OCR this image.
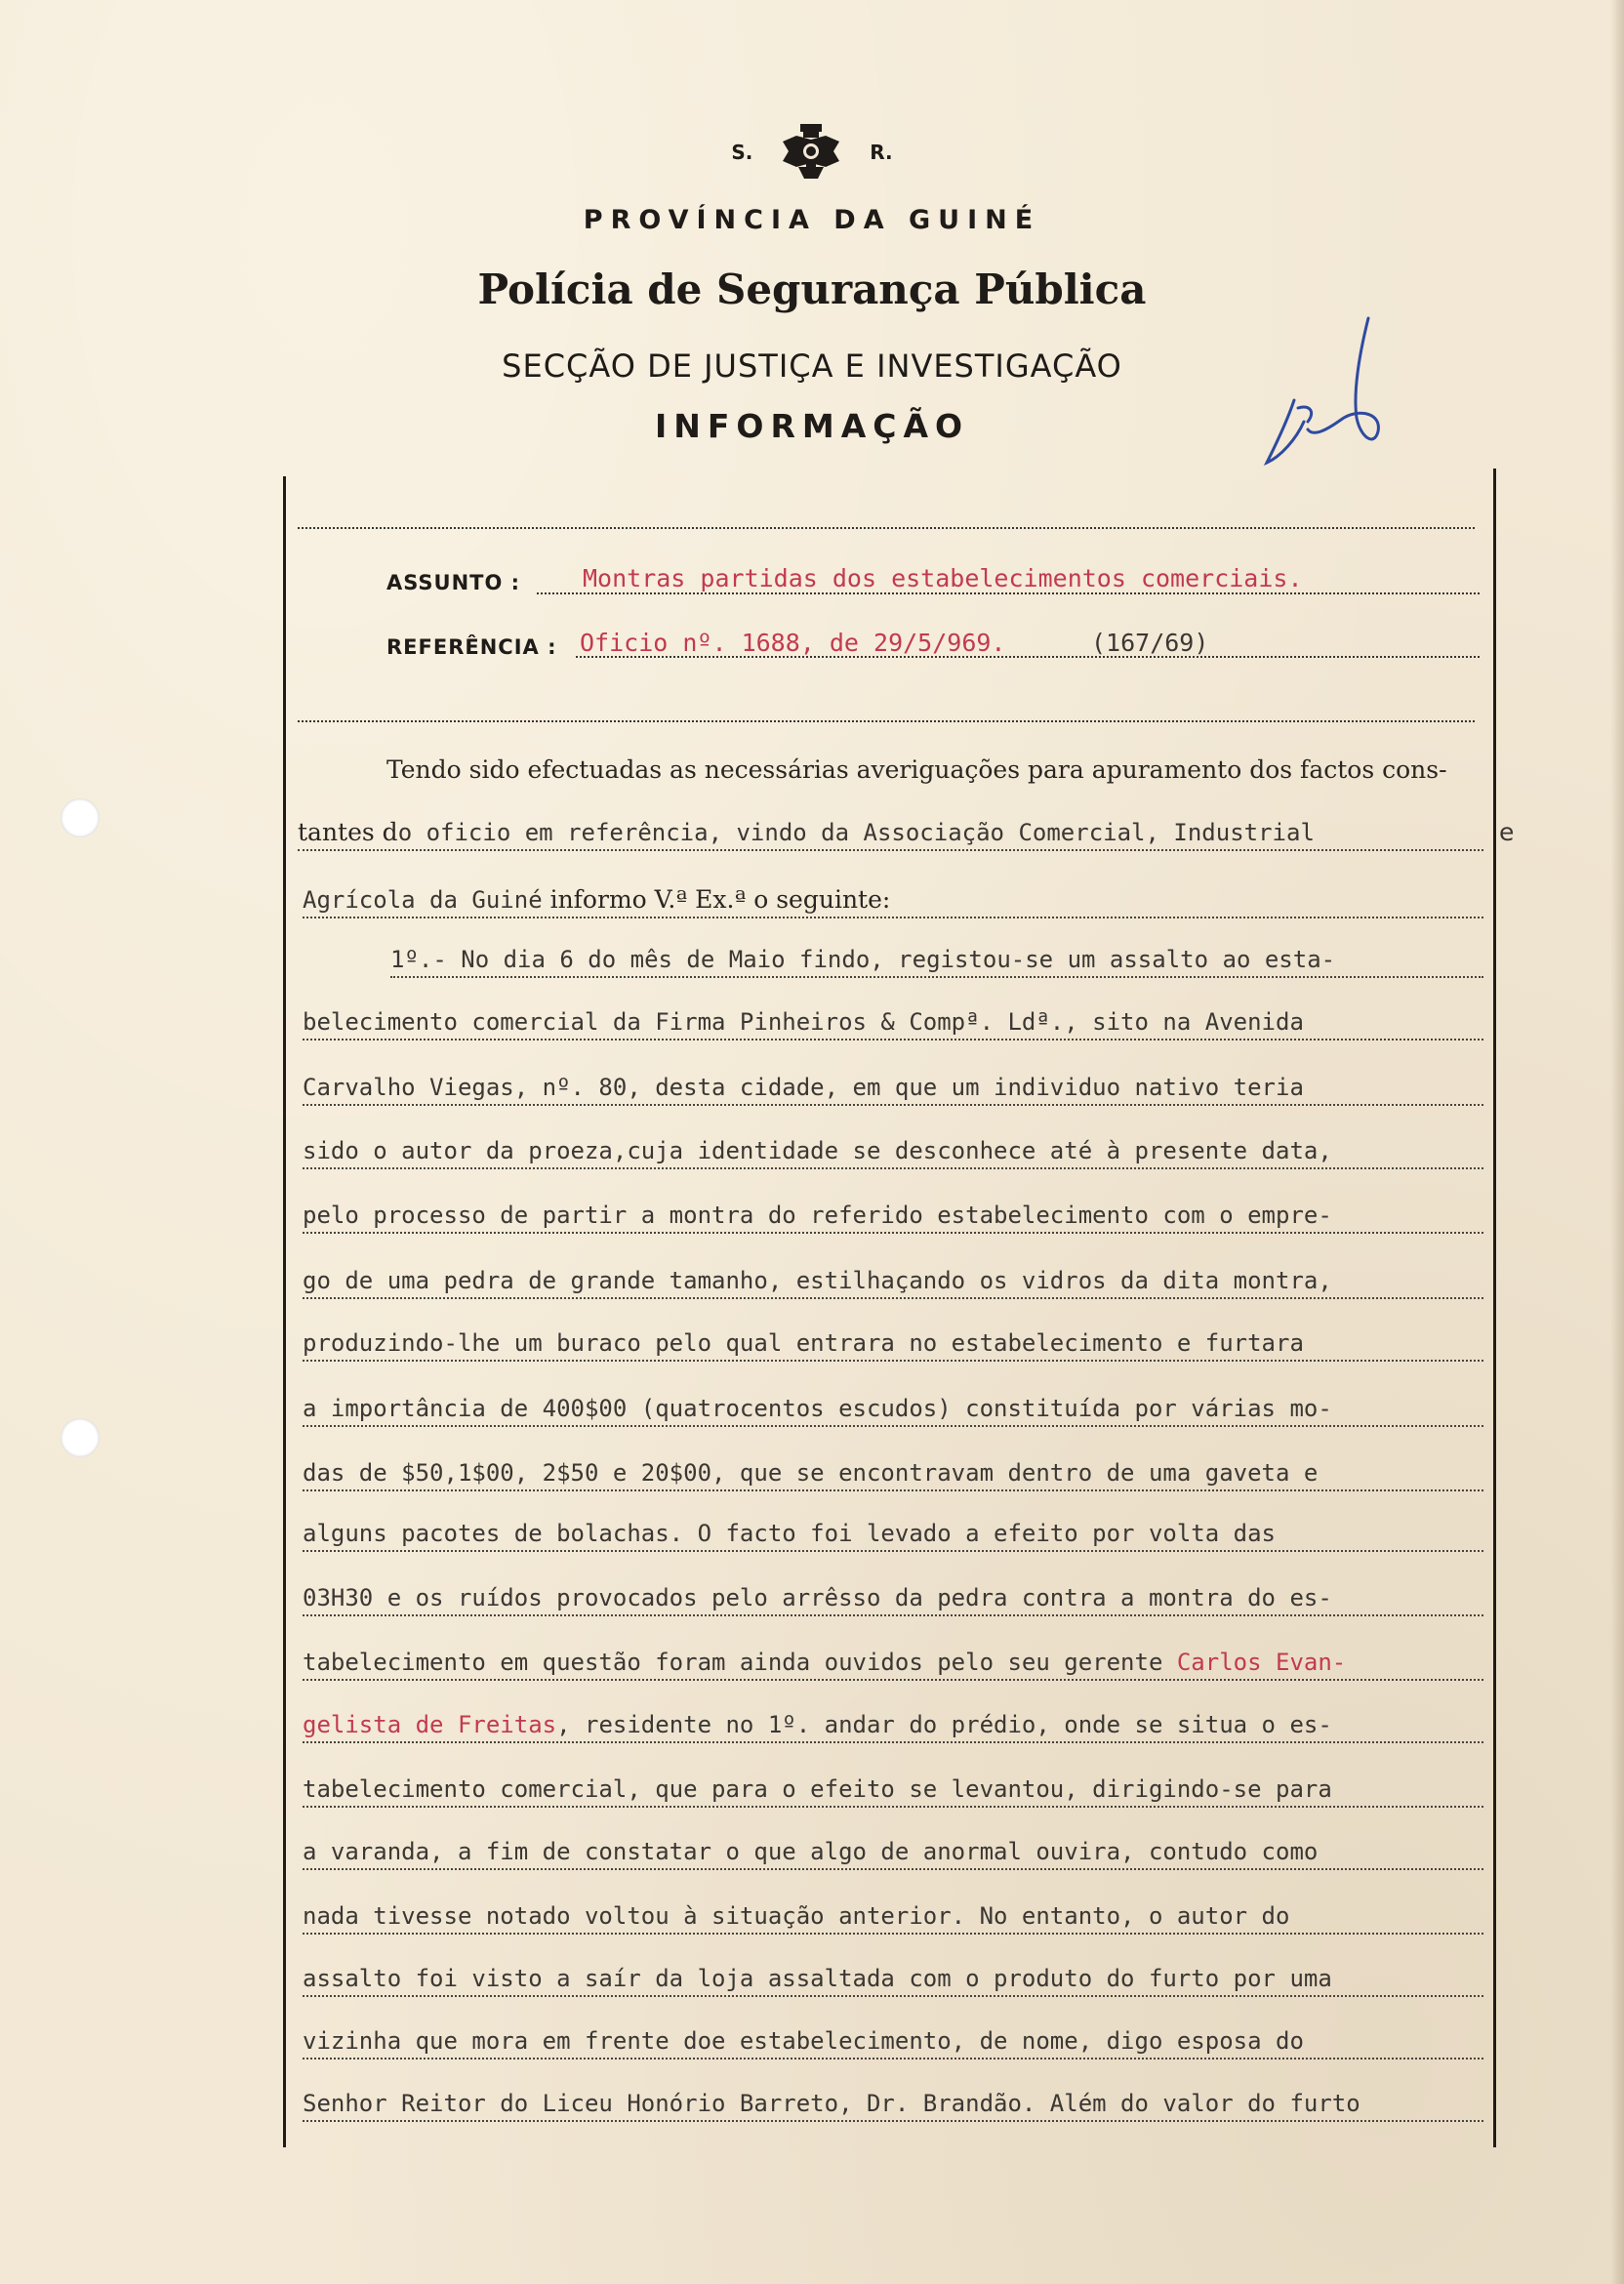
S.	R.
PROVÍNCIA DA GUINÉ
Polícia de Segurança Pública
SECÇÃO DE JUSTIÇA E INVESTIGAÇÃO
INFORMAÇÃO
ASSUNTO :	Montras partidas dos estabelecimentos comerciais.
REFERÊNCIA : Oficio nº. 1688, de 29/5/969.	(167/69)
Tendo sido efectuadas as necessárias averiguações para apuramento dos factos cons-
tantes do oficio em referência, vindo da Associação Comercial, Industrial	e
Agrícola da Guiné informo V.ª Ex.ª o seguinte:
1º.- No dia 6 do mês de Maio findo, registou-se um assalto ao esta-
belecimento comercial da Firma Pinheiros & Compª. Ldª., sito na Avenida
Carvalho Viegas, nº. 80, desta cidade, em que um individuo nativo teria
sido o autor da proeza,cuja identidade se desconhece até à presente data,
pelo processo de partir a montra do referido estabelecimento com o empre-
go de uma pedra de grande tamanho, estilhaçando os vidros da dita montra,
produzindo-lhe um buraco pelo qual entrara no estabelecimento e furtara
a importância de 400$00 (quatrocentos escudos) constituída por várias mo-
das de $50,1$00, 2$50 e 20$00, que se encontravam dentro de uma gaveta e
alguns pacotes de bolachas. O facto foi levado a efeito por volta das
03H30 e os ruídos provocados pelo arrêsso da pedra contra a montra do es-
tabelecimento em questão foram ainda ouvidos pelo seu gerente Carlos Evan-
gelista de Freitas, residente no 1º. andar do prédio, onde se situa o es-
tabelecimento comercial, que para o efeito se levantou, dirigindo-se para
a varanda, a fim de constatar o que algo de anormal ouvira, contudo como
nada tivesse notado voltou à situação anterior. No entanto, o autor do
assalto foi visto a saír da loja assaltada com o produto do furto por uma
vizinha que mora em frente doe estabelecimento, de nome, digo esposa do
Senhor Reitor do Liceu Honório Barreto, Dr. Brandão. Além do valor do furto
